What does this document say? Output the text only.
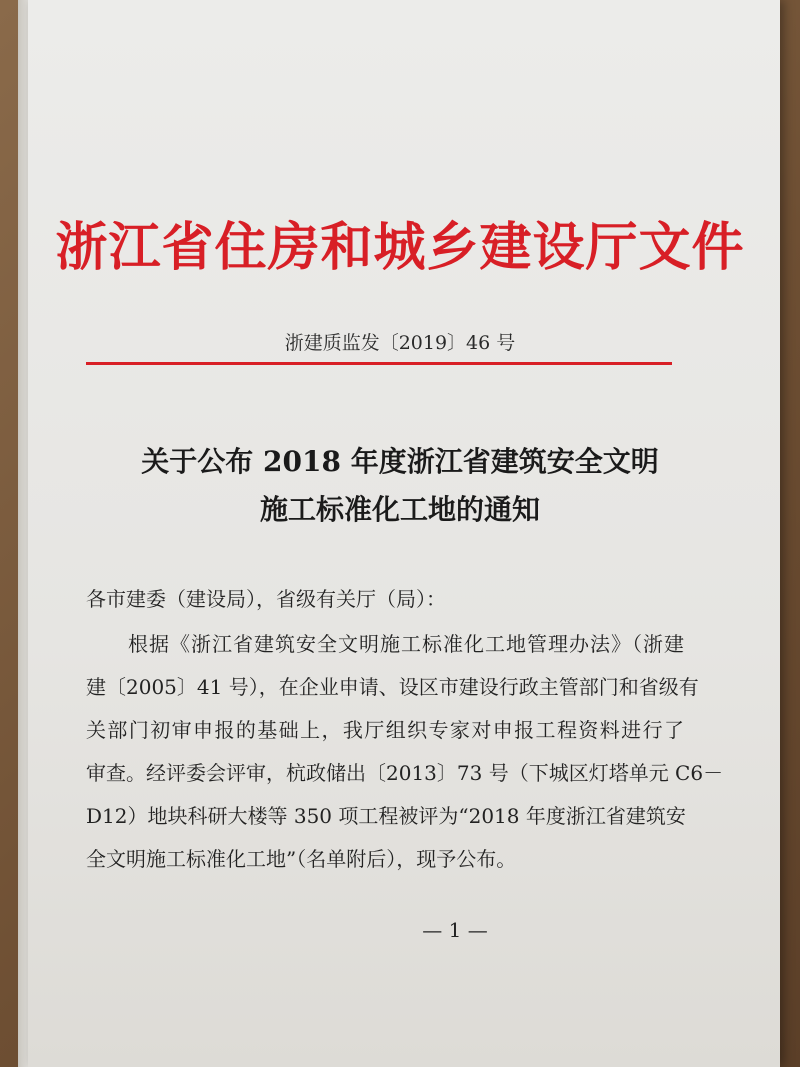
浙江省住房和城乡建设厅文件
浙建质监发〔2019〕46 号
关于公布 2018 年度浙江省建筑安全文明
施工标准化工地的通知
各市建委（建设局），省级有关厅（局）：
　　根据《浙江省建筑安全文明施工标准化工地管理办法》（浙建
建〔2005〕41 号），在企业申请、设区市建设行政主管部门和省级有
关部门初审申报的基础上，我厅组织专家对申报工程资料进行了
审查。经评委会评审，杭政储出〔2013〕73 号（下城区灯塔单元 C6－
D12）地块科研大楼等 350 项工程被评为“2018 年度浙江省建筑安
全文明施工标准化工地”（名单附后），现予公布。
— 1 —
